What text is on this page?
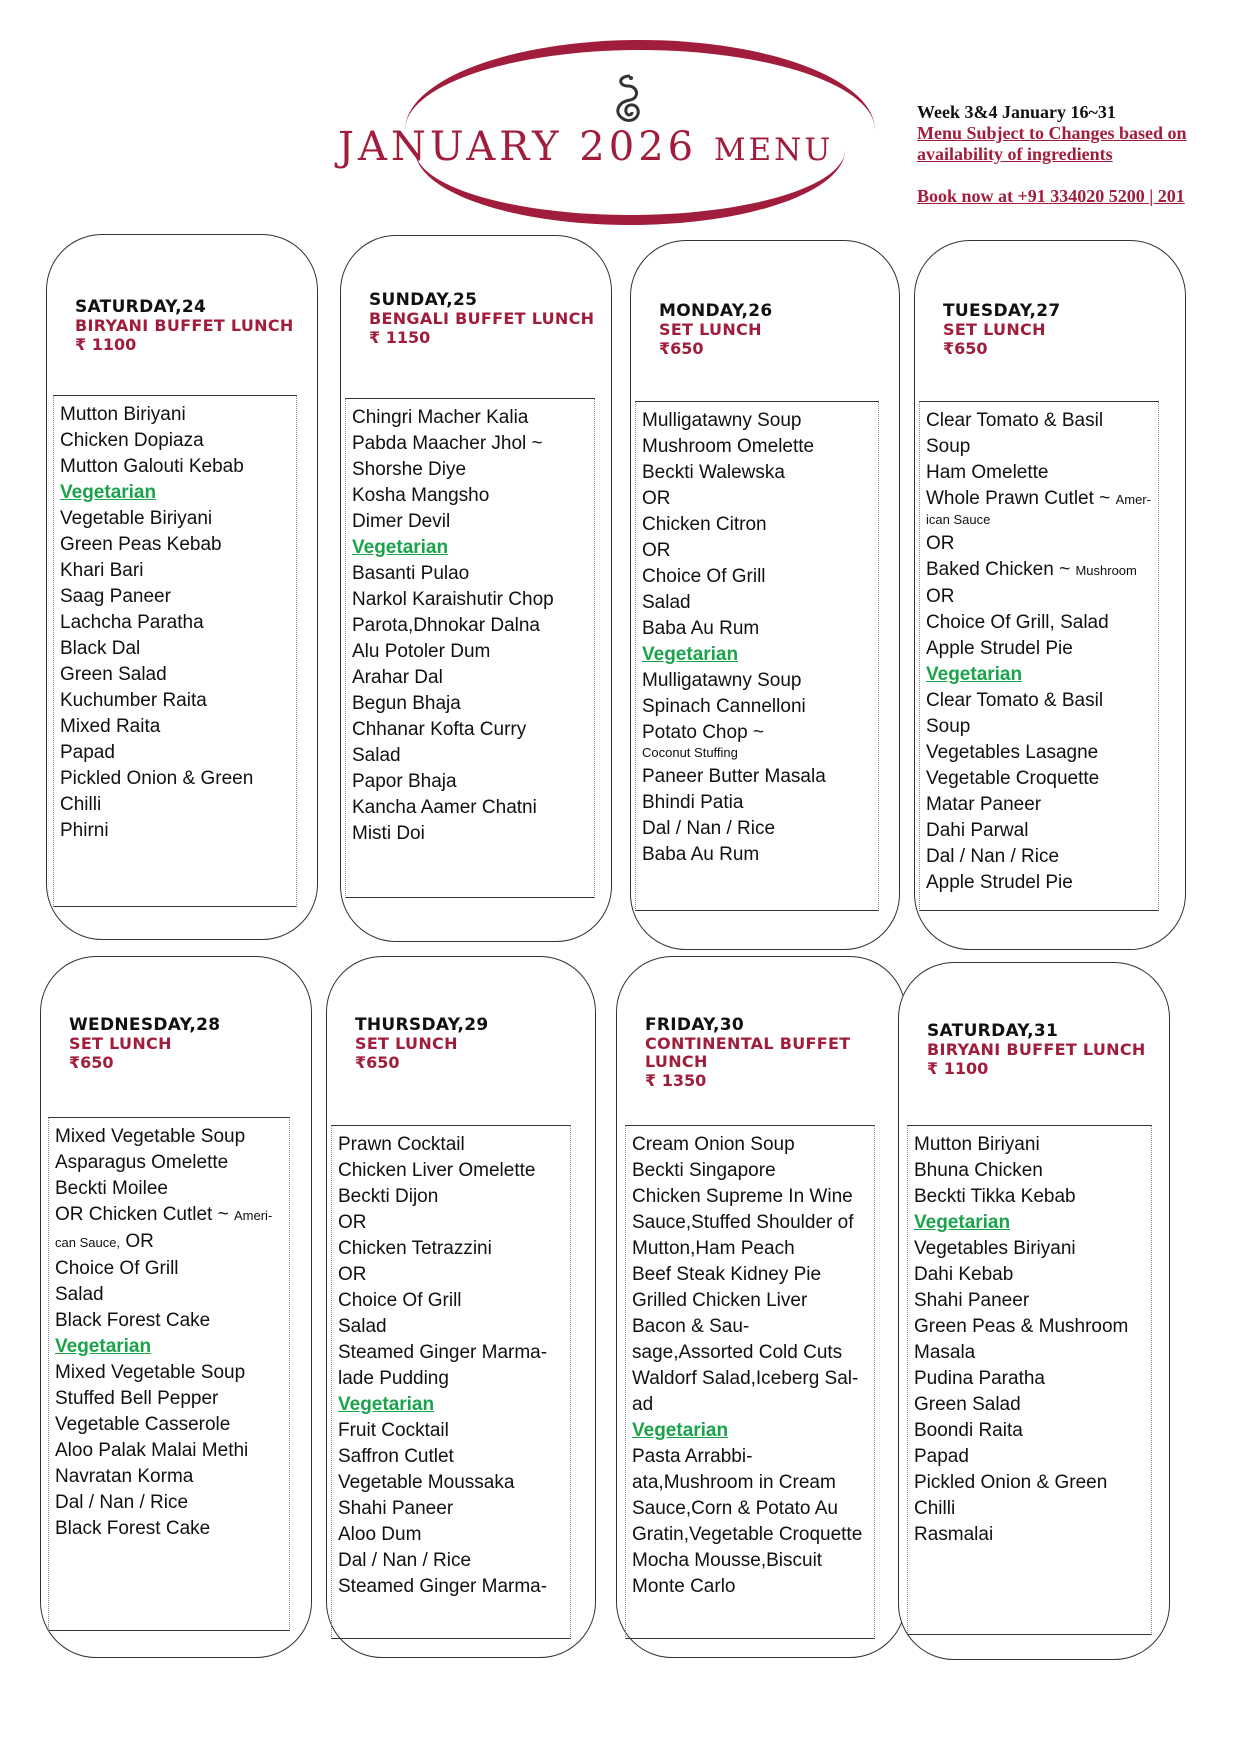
JANUARY 2026 MENU
Week 3&4 January 16~31
Menu Subject to Changes based on
availability of ingredients
Book now at +91 334020 5200 | 201
SATURDAY,24
BIRYANI BUFFET LUNCH
₹ 1100
Mutton Biriyani
Chicken Dopiaza
Mutton Galouti Kebab
Vegetarian
Vegetable Biriyani
Green Peas Kebab
Khari Bari
Saag Paneer
Lachcha Paratha
Black Dal
Green Salad
Kuchumber Raita
Mixed Raita
Papad
Pickled Onion & Green
Chilli
Phirni
SUNDAY,25
BENGALI BUFFET LUNCH
₹ 1150
Chingri Macher Kalia
Pabda Maacher Jhol ~
Shorshe Diye
Kosha Mangsho
Dimer Devil
Vegetarian
Basanti Pulao
Narkol Karaishutir Chop
Parota,Dhnokar Dalna
Alu Potoler Dum
Arahar Dal
Begun Bhaja
Chhanar Kofta Curry
Salad
Papor Bhaja
Kancha Aamer Chatni
Misti Doi
MONDAY,26
SET LUNCH
₹650
Mulligatawny Soup
Mushroom Omelette
Beckti Walewska
OR
Chicken Citron
OR
Choice Of Grill
Salad
Baba Au Rum
Vegetarian
Mulligatawny Soup
Spinach Cannelloni
Potato Chop ~
Coconut Stuffing
Paneer Butter Masala
Bhindi Patia
Dal / Nan / Rice
Baba Au Rum
TUESDAY,27
SET LUNCH
₹650
Clear Tomato & Basil
Soup
Ham Omelette
Whole Prawn Cutlet ~ Amer-
ican Sauce
OR
Baked Chicken ~ Mushroom
OR
Choice Of Grill, Salad
Apple Strudel Pie
Vegetarian
Clear Tomato & Basil
Soup
Vegetables Lasagne
Vegetable Croquette
Matar Paneer
Dahi Parwal
Dal / Nan / Rice
Apple Strudel Pie
WEDNESDAY,28
SET LUNCH
₹650
Mixed Vegetable Soup
Asparagus Omelette
Beckti Moilee
OR Chicken Cutlet ~ Ameri-
can Sauce, OR
Choice Of Grill
Salad
Black Forest Cake
Vegetarian
Mixed Vegetable Soup
Stuffed Bell Pepper
Vegetable Casserole
Aloo Palak Malai Methi
Navratan Korma
Dal / Nan / Rice
Black Forest Cake
THURSDAY,29
SET LUNCH
₹650
Prawn Cocktail
Chicken Liver Omelette
Beckti Dijon
OR
Chicken Tetrazzini
OR
Choice Of Grill
Salad
Steamed Ginger Marma-
lade Pudding
Vegetarian
Fruit Cocktail
Saffron Cutlet
Vegetable Moussaka
Shahi Paneer
Aloo Dum
Dal / Nan / Rice
Steamed Ginger Marma-
FRIDAY,30
CONTINENTAL BUFFET LUNCH
₹ 1350
Cream Onion Soup
Beckti Singapore
Chicken Supreme In Wine
Sauce,Stuffed Shoulder of
Mutton,Ham Peach
Beef Steak Kidney Pie
Grilled Chicken Liver
Bacon & Sau-
sage,Assorted Cold Cuts
Waldorf Salad,Iceberg Sal-
ad
Vegetarian
Pasta Arrabbi-
ata,Mushroom in Cream
Sauce,Corn & Potato Au
Gratin,Vegetable Croquette
Mocha Mousse,Biscuit
Monte Carlo
SATURDAY,31
BIRYANI BUFFET LUNCH
₹ 1100
Mutton Biriyani
Bhuna Chicken
Beckti Tikka Kebab
Vegetarian
Vegetables Biriyani
Dahi Kebab
Shahi Paneer
Green Peas & Mushroom
Masala
Pudina Paratha
Green Salad
Boondi Raita
Papad
Pickled Onion & Green
Chilli
Rasmalai
